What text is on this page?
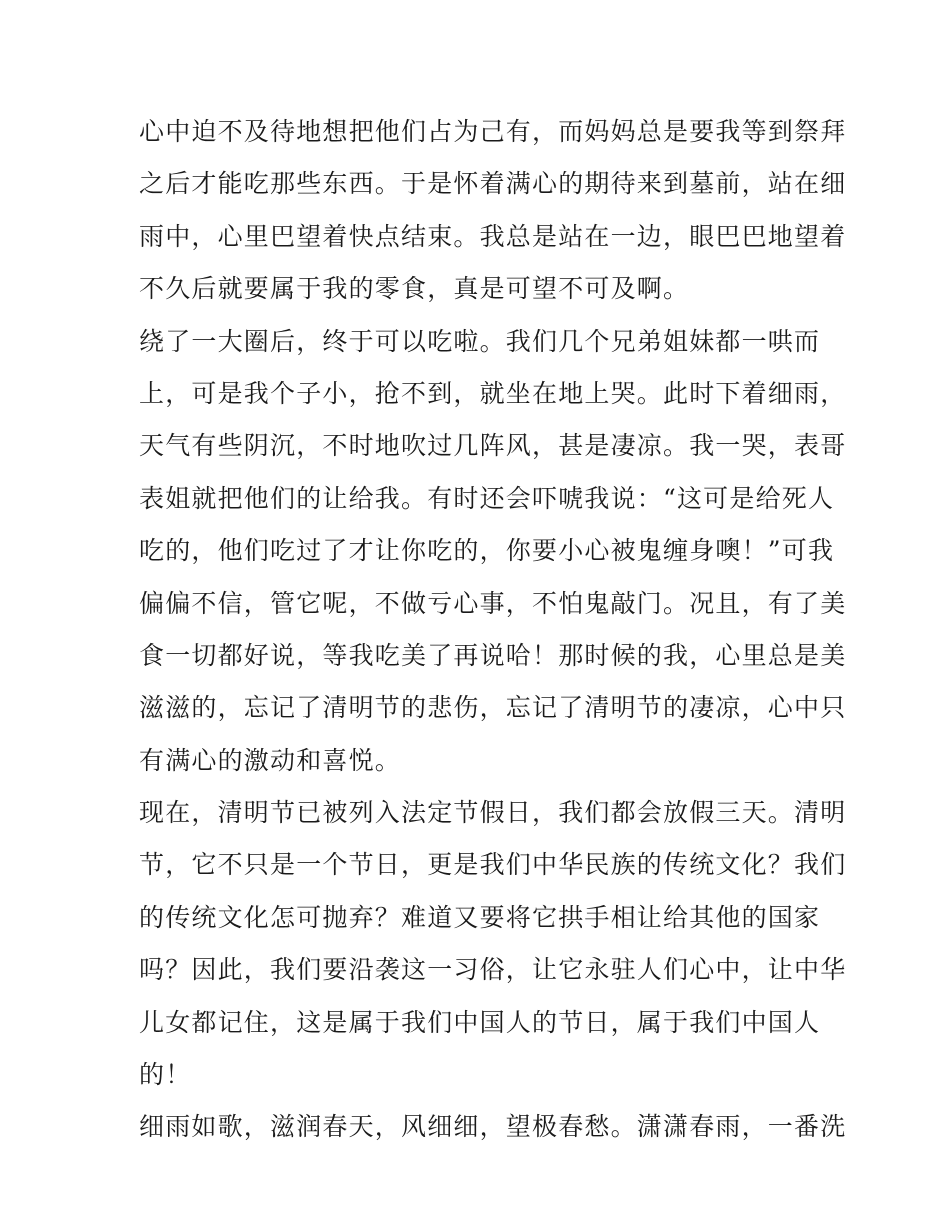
心中迫不及待地想把他们占为己有，而妈妈总是要我等到祭拜
之后才能吃那些东西。于是怀着满心的期待来到墓前，站在细
雨中，心里巴望着快点结束。我总是站在一边，眼巴巴地望着
不久后就要属于我的零食，真是可望不可及啊。
绕了一大圈后，终于可以吃啦。我们几个兄弟姐妹都一哄而
上，可是我个子小，抢不到，就坐在地上哭。此时下着细雨，
天气有些阴沉，不时地吹过几阵风，甚是凄凉。我一哭，表哥
表姐就把他们的让给我。有时还会吓唬我说：“这可是给死人
吃的，他们吃过了才让你吃的，你要小心被鬼缠身噢！”可我
偏偏不信，管它呢，不做亏心事，不怕鬼敲门。况且，有了美
食一切都好说，等我吃美了再说哈！那时候的我，心里总是美
滋滋的，忘记了清明节的悲伤，忘记了清明节的凄凉，心中只
有满心的激动和喜悦。
现在，清明节已被列入法定节假日，我们都会放假三天。清明
节，它不只是一个节日，更是我们中华民族的传统文化？我们
的传统文化怎可抛弃？难道又要将它拱手相让给其他的国家
吗？因此，我们要沿袭这一习俗，让它永驻人们心中，让中华
儿女都记住，这是属于我们中国人的节日，属于我们中国人
的！
细雨如歌，滋润春天，风细细，望极春愁。潇潇春雨，一番洗
